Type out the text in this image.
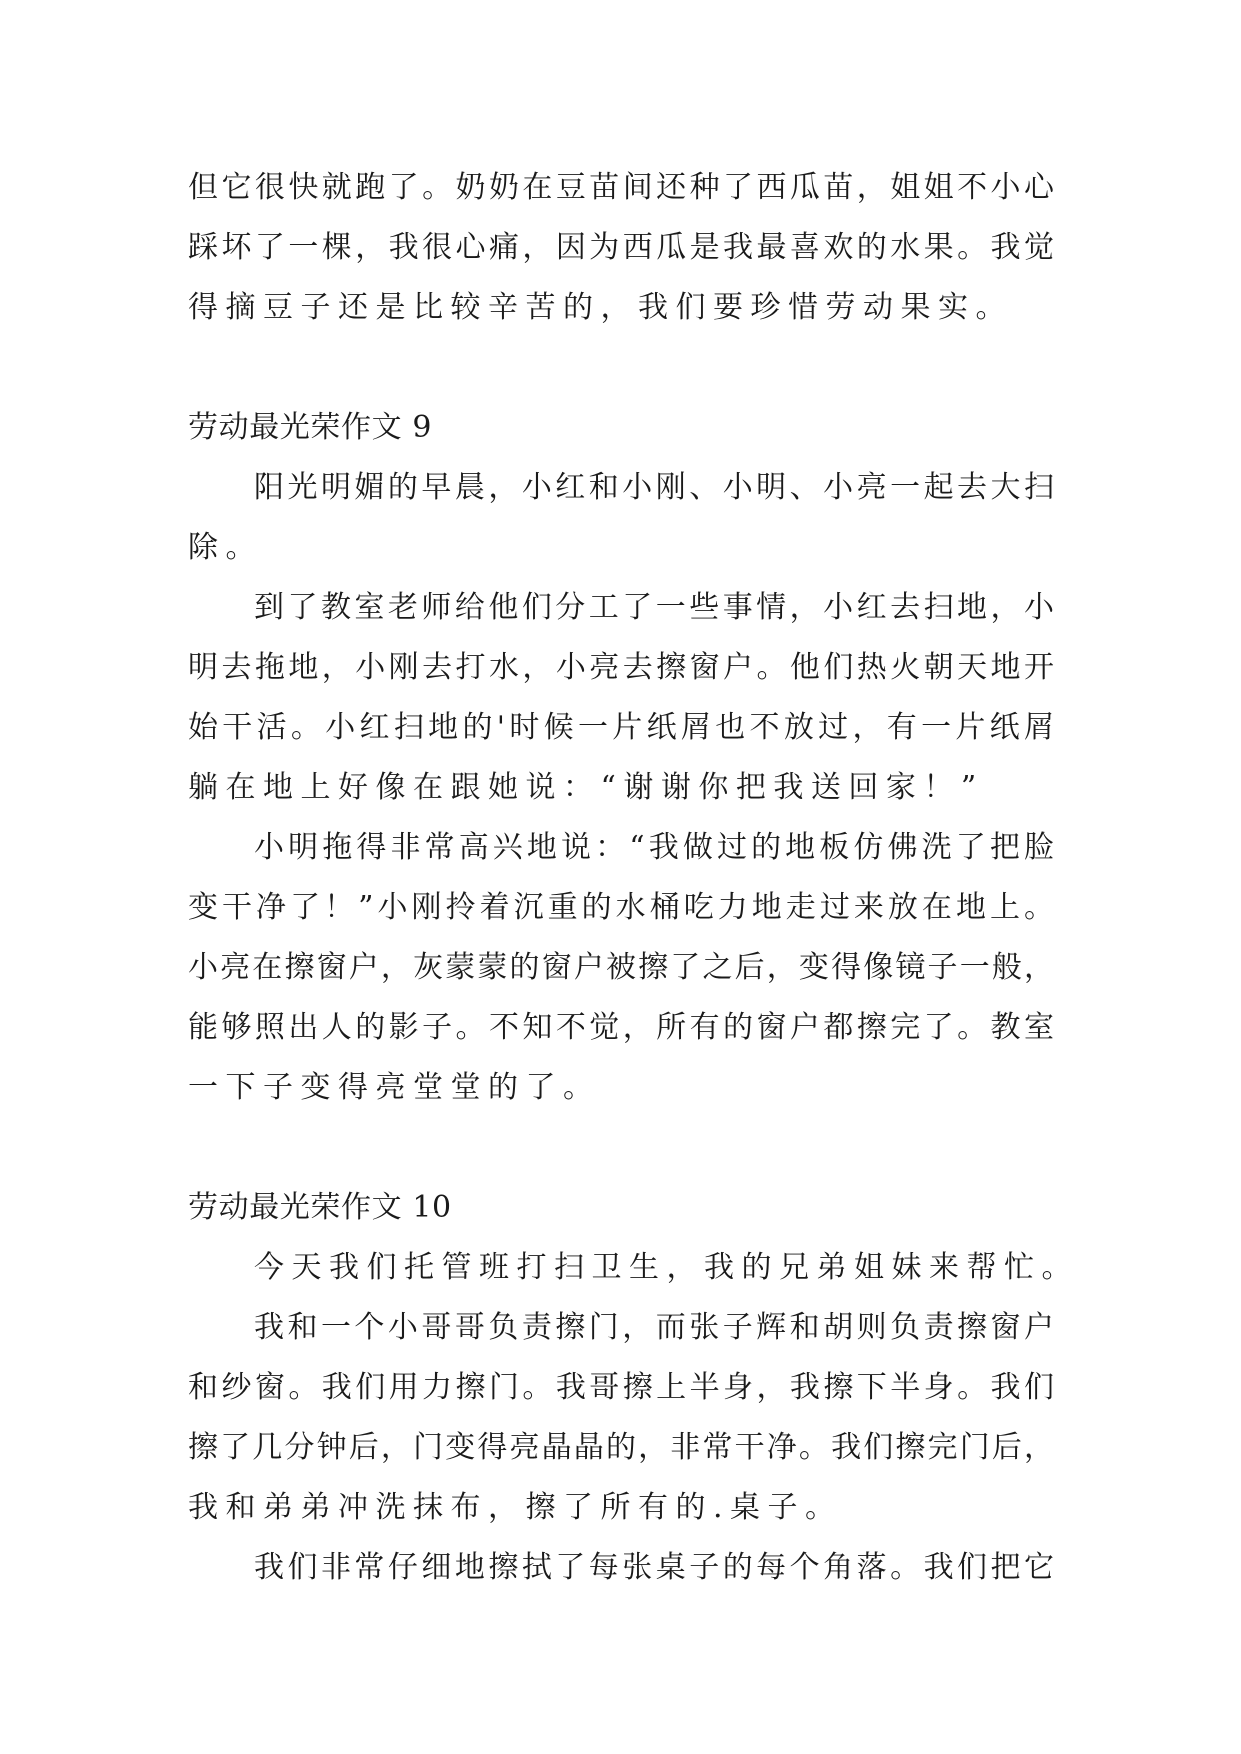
但它很快就跑了。奶奶在豆苗间还种了西瓜苗，姐姐不小心
踩坏了一棵，我很心痛，因为西瓜是我最喜欢的水果。我觉
得摘豆子还是比较辛苦的，我们要珍惜劳动果实。
劳动最光荣作文 9
阳光明媚的早晨，小红和小刚、小明、小亮一起去大扫
除。
到了教室老师给他们分工了一些事情，小红去扫地，小
明去拖地，小刚去打水，小亮去擦窗户。他们热火朝天地开
始干活。小红扫地的'时候一片纸屑也不放过，有一片纸屑
躺在地上好像在跟她说：“谢谢你把我送回家！”
小明拖得非常高兴地说：“我做过的地板仿佛洗了把脸
变干净了！”小刚拎着沉重的水桶吃力地走过来放在地上。
小亮在擦窗户，灰蒙蒙的窗户被擦了之后，变得像镜子一般，
能够照出人的影子。不知不觉，所有的窗户都擦完了。教室
一下子变得亮堂堂的了。
劳动最光荣作文 10
今天我们托管班打扫卫生，我的兄弟姐妹来帮忙。
我和一个小哥哥负责擦门，而张子辉和胡则负责擦窗户
和纱窗。我们用力擦门。我哥擦上半身，我擦下半身。我们
擦了几分钟后，门变得亮晶晶的，非常干净。我们擦完门后，
我和弟弟冲洗抹布，擦了所有的.桌子。
我们非常仔细地擦拭了每张桌子的每个角落。我们把它
